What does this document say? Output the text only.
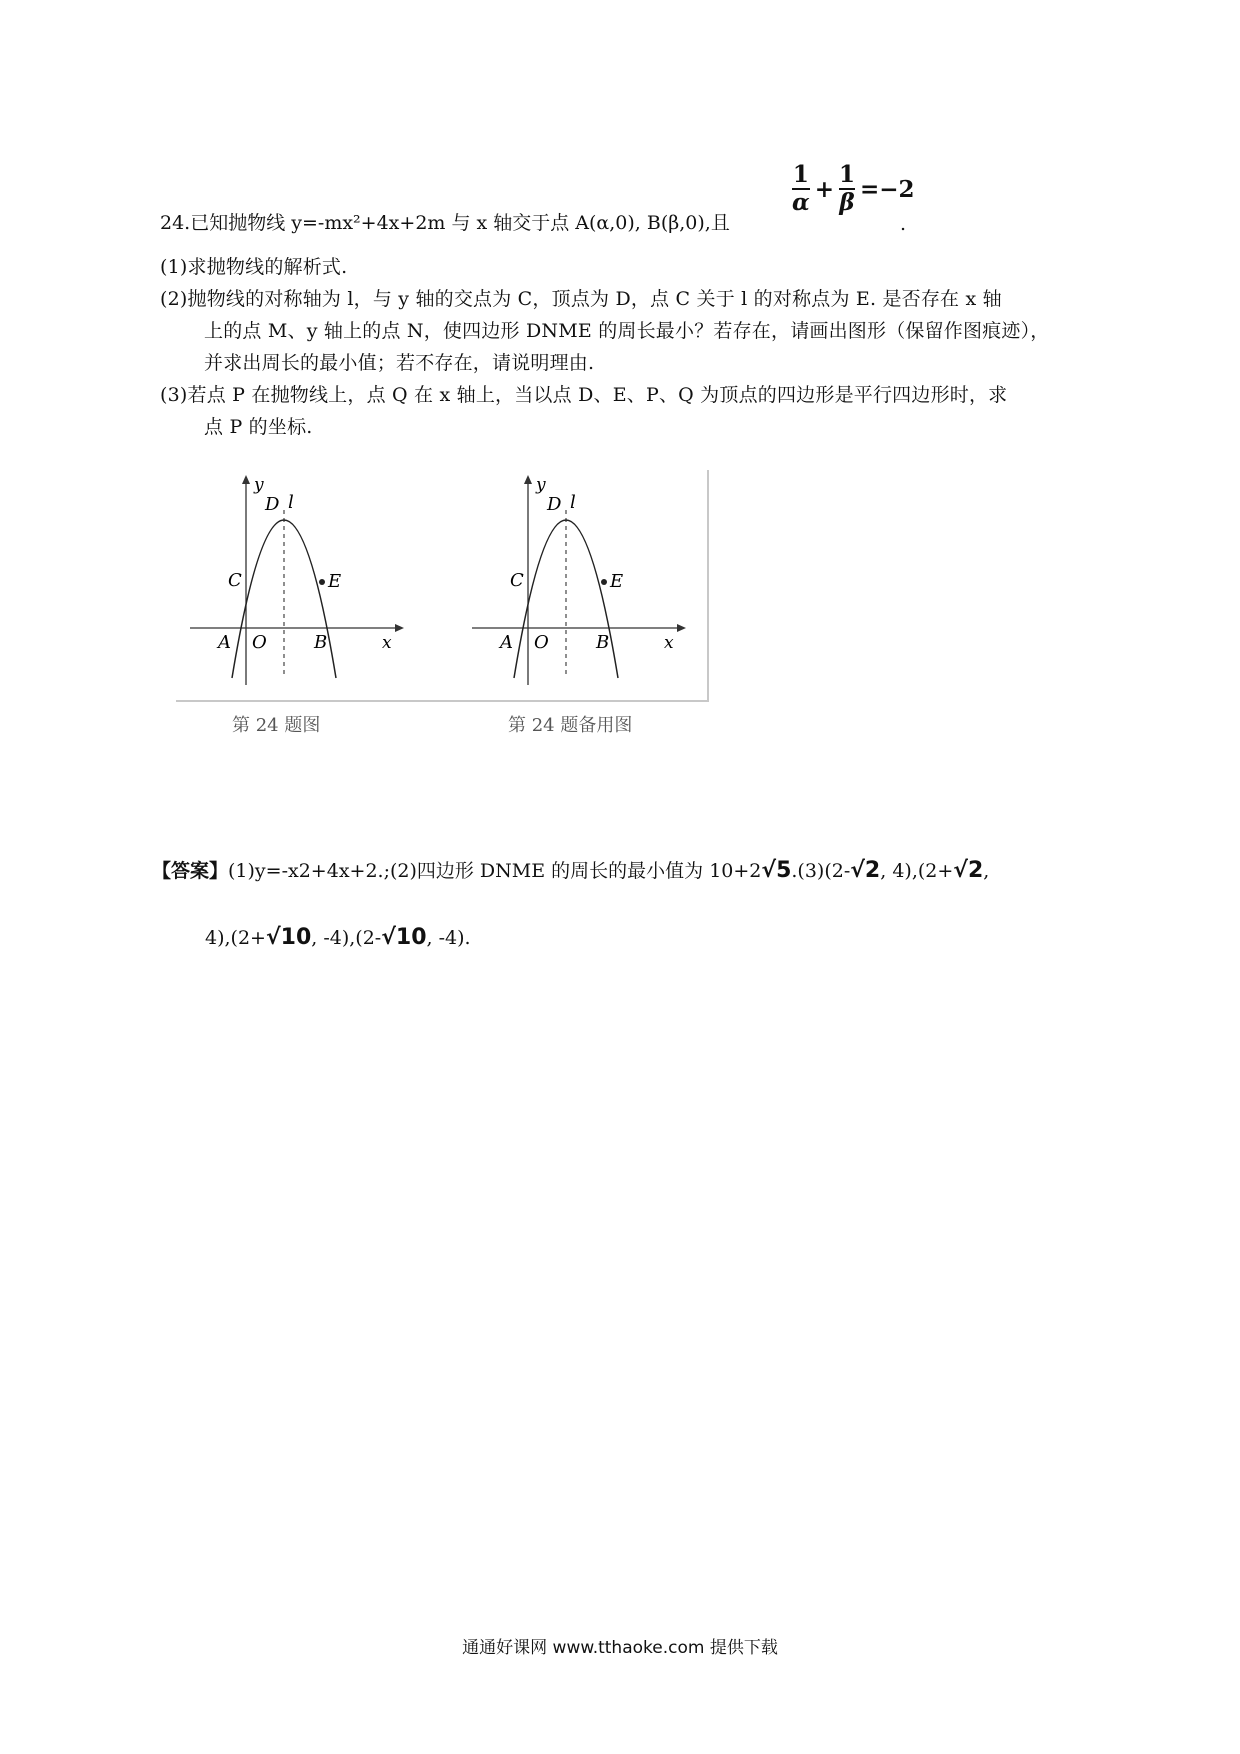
24.已知抛物线 y=-mx²+4x+2m 与 x 轴交于点 A(α,0), B(β,0),且
$\frac{1}{\alpha} + \frac{1}{\beta} =-2$
.
(1)求抛物线的解析式.
(2)抛物线的对称轴为 l，与 y 轴的交点为 C，顶点为 D，点 C 关于 l 的对称点为 E. 是否存在 x 轴
上的点 M、y 轴上的点 N，使四边形 DNME 的周长最小？若存在，请画出图形（保留作图痕迹），
并求出周长的最小值；若不存在，请说明理由.
(3)若点 P 在抛物线上，点 Q 在 x 轴上，当以点 D、E、P、Q 为顶点的四边形是平行四边形时，求
点 P 的坐标.
y
D l
C	E
A O	B	x
y
D l
C	E
A O	B	x
第 24 题图	第 24 题备用图
【答案】(1)y=-x2+4x+2.;(2)四边形 DNME 的周长的最小值为 10+2√5.(3)(2-√2, 4),(2+√2,
4),(2+√10, -4),(2-√10, -4).
通通好课网 www.tthaoke.com 提供下载
